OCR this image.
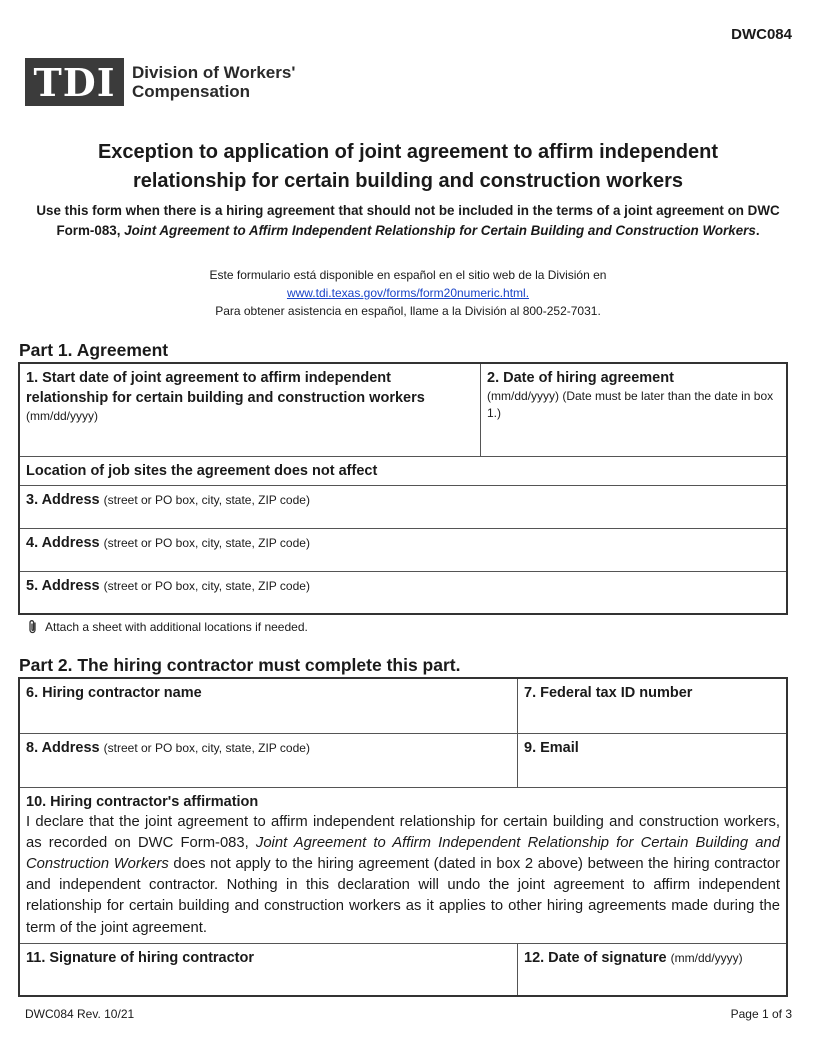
DWC084
TDI Division of Workers'
Compensation
Exception to application of joint agreement to affirm independent
relationship for certain building and construction workers
Use this form when there is a hiring agreement that should not be included in the terms of a joint agreement on DWC Form-083, Joint Agreement to Affirm Independent Relationship for Certain Building and Construction Workers.
Este formulario está disponible en español en el sitio web de la División en
www.tdi.texas.gov/forms/form20numeric.html.
Para obtener asistencia en español, llame a la División al 800-252-7031.
Part 1. Agreement
1. Start date of joint agreement to affirm independent relationship for certain building and construction workers
(mm/dd/yyyy)

2. Date of hiring agreement
(mm/dd/yyyy) (Date must be later than the date in box 1.)

Location of job sites the agreement does not affect
3. Address (street or PO box, city, state, ZIP code)
4. Address (street or PO box, city, state, ZIP code)
5. Address (street or PO box, city, state, ZIP code)
Attach a sheet with additional locations if needed.
Part 2. The hiring contractor must complete this part.
6. Hiring contractor name	7. Federal tax ID number

8. Address (street or PO box, city, state, ZIP code)	9. Email

10. Hiring contractor's affirmation
I declare that the joint agreement to affirm independent relationship for certain building and construction workers, as recorded on DWC Form-083, Joint Agreement to Affirm Independent Relationship for Certain Building and Construction Workers does not apply to the hiring agreement (dated in box 2 above) between the hiring contractor and independent contractor. Nothing in this declaration will undo the joint agreement to affirm independent relationship for certain building and construction workers as it applies to other hiring agreements made during the term of the joint agreement.	

11. Signature of hiring contractor	12. Date of signature (mm/dd/yyyy)
DWC084 Rev. 10/21	Page 1 of 3
